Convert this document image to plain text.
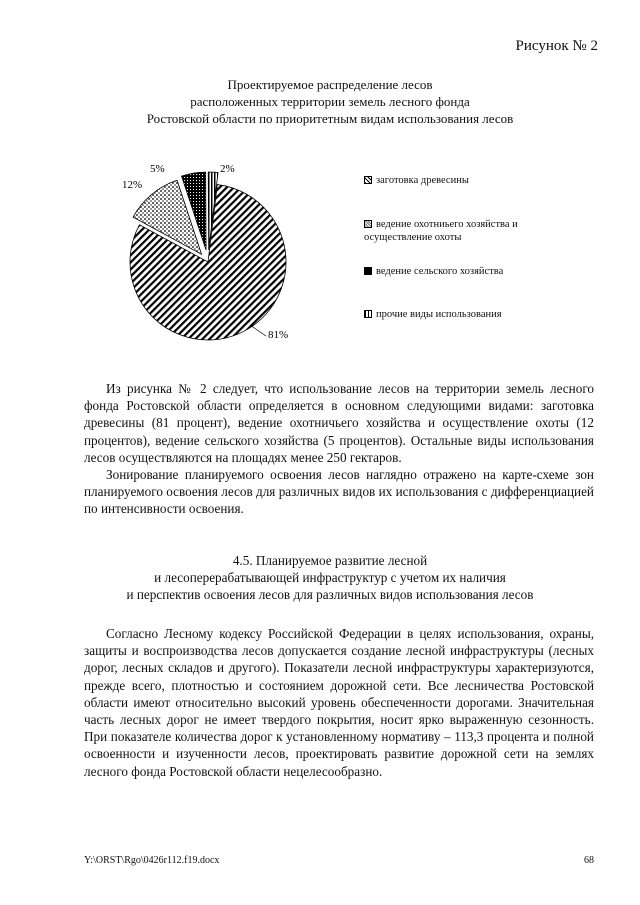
Рисунок № 2
Проектируемое распределение лесов
расположенных территории земель лесного фонда
Ростовской области по приоритетным видам использования лесов
81%
12%
5%	2%
заготовка древесины
ведение охотниьего хозяйства и осуществление охоты
ведение сельского хозяйства
прочие виды использования

Из рисунка № 2 следует, что использование лесов на территории земель лесного фонда Ростовской области определяется в основном следующими видами: заготовка древесины (81 процент), ведение охотничьего хозяйства и осуществление охоты (12 процентов), ведение сельского хозяйства (5 процентов). Остальные виды использования лесов осуществляются на площадях менее 250 гектаров.

Зонирование планируемого освоения лесов наглядно отражено на карте-схеме зон планируемого освоения лесов для различных видов их использования с дифференциацией по интенсивности освоения.

4.5. Планируемое развитие лесной
и лесоперерабатывающей инфраструктур с учетом их наличия
и перспектив освоения лесов для различных видов использования лесов

Согласно Лесному кодексу Российской Федерации в целях использования, охраны, защиты и воспроизводства лесов допускается создание лесной инфраструктуры (лесных дорог, лесных складов и другого). Показатели лесной инфраструктуры характеризуются, прежде всего, плотностью и состоянием дорожной сети. Все лесничества Ростовской области имеют относительно высокий уровень обеспеченности дорогами. Значительная часть лесных дорог не имеет твердого покрытия, носит ярко выраженную сезонность. При показателе количества дорог к установленному нормативу – 113,3 процента и полной освоенности и изученности лесов, проектировать развитие дорожной сети на землях лесного фонда Ростовской области нецелесообразно.

Y:\ORST\Rgo\0426r112.f19.docx	68
